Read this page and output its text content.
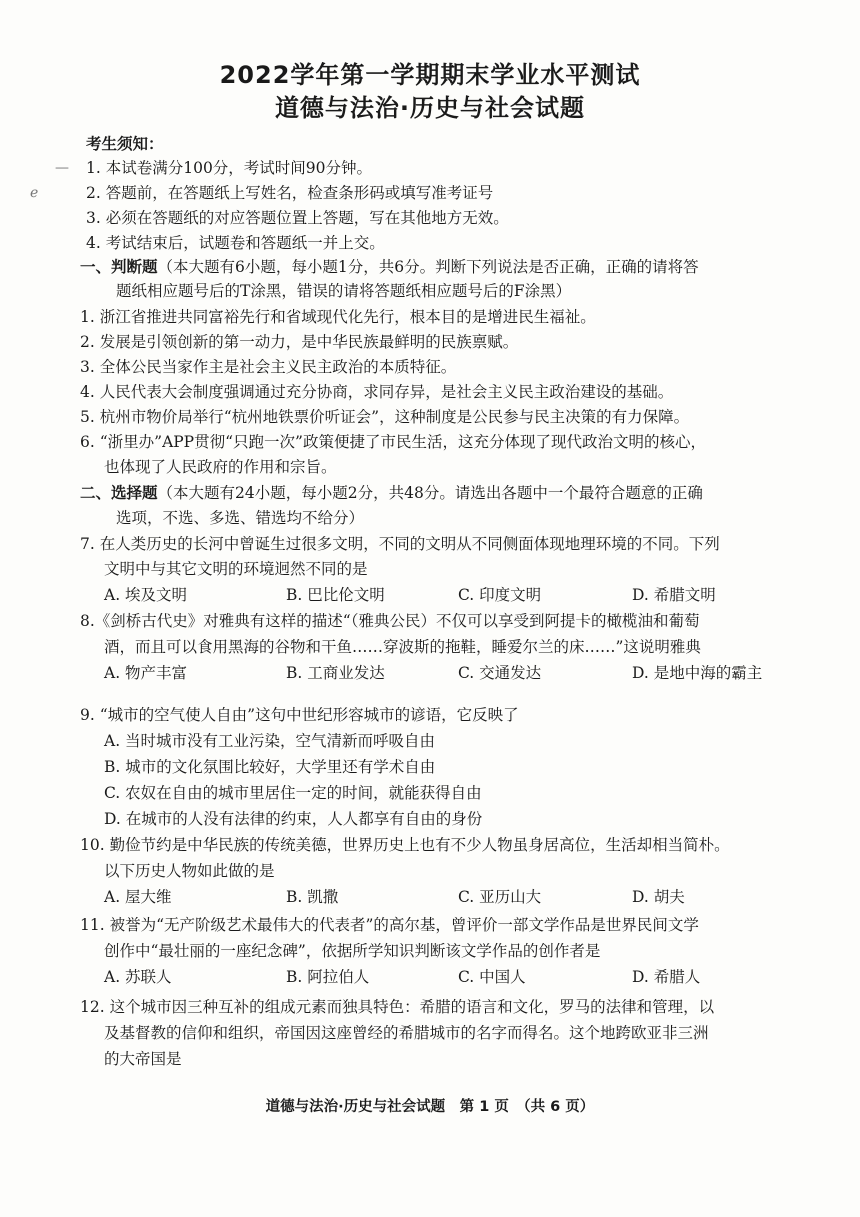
2022学年第一学期期末学业水平测试
道德与法治·历史与社会试题
—
ℯ
考生须知：
1. 本试卷满分100分，考试时间90分钟。
2. 答题前，在答题纸上写姓名，检查条形码或填写准考证号
3. 必须在答题纸的对应答题位置上答题，写在其他地方无效。
4. 考试结束后，试题卷和答题纸一并上交。
一、判断题（本大题有6小题，每小题1分，共6分。判断下列说法是否正确，正确的请将答
题纸相应题号后的T涂黑，错误的请将答题纸相应题号后的F涂黑）
1. 浙江省推进共同富裕先行和省域现代化先行，根本目的是增进民生福祉。
2. 发展是引领创新的第一动力，是中华民族最鲜明的民族禀赋。
3. 全体公民当家作主是社会主义民主政治的本质特征。
4. 人民代表大会制度强调通过充分协商，求同存异，是社会主义民主政治建设的基础。
5. 杭州市物价局举行“杭州地铁票价听证会”，这种制度是公民参与民主决策的有力保障。
6. “浙里办”APP贯彻“只跑一次”政策便捷了市民生活，这充分体现了现代政治文明的核心，
也体现了人民政府的作用和宗旨。
二、选择题（本大题有24小题，每小题2分，共48分。请选出各题中一个最符合题意的正确
选项，不选、多选、错选均不给分）
7. 在人类历史的长河中曾诞生过很多文明，不同的文明从不同侧面体现地理环境的不同。下列
文明中与其它文明的环境迥然不同的是
A. 埃及文明	B. 巴比伦文明	C. 印度文明	D. 希腊文明
8.《剑桥古代史》对雅典有这样的描述“（雅典公民）不仅可以享受到阿提卡的橄榄油和葡萄
酒，而且可以食用黑海的谷物和干鱼……穿波斯的拖鞋，睡爱尔兰的床……”这说明雅典
A. 物产丰富	B. 工商业发达	C. 交通发达	D. 是地中海的霸主
9. “城市的空气使人自由”这句中世纪形容城市的谚语，它反映了
A. 当时城市没有工业污染，空气清新而呼吸自由
B. 城市的文化氛围比较好，大学里还有学术自由
C. 农奴在自由的城市里居住一定的时间，就能获得自由
D. 在城市的人没有法律的约束，人人都享有自由的身份
10. 勤俭节约是中华民族的传统美德，世界历史上也有不少人物虽身居高位，生活却相当简朴。
以下历史人物如此做的是
A. 屋大维	B. 凯撒	C. 亚历山大	D. 胡夫
11. 被誉为“无产阶级艺术最伟大的代表者”的高尔基，曾评价一部文学作品是世界民间文学
创作中“最壮丽的一座纪念碑”，依据所学知识判断该文学作品的创作者是
A. 苏联人	B. 阿拉伯人	C. 中国人	D. 希腊人
12. 这个城市因三种互补的组成元素而独具特色：希腊的语言和文化，罗马的法律和管理，以
及基督教的信仰和组织，帝国因这座曾经的希腊城市的名字而得名。这个地跨欧亚非三洲
的大帝国是
道德与法治·历史与社会试题　第 1 页　（共 6 页）
